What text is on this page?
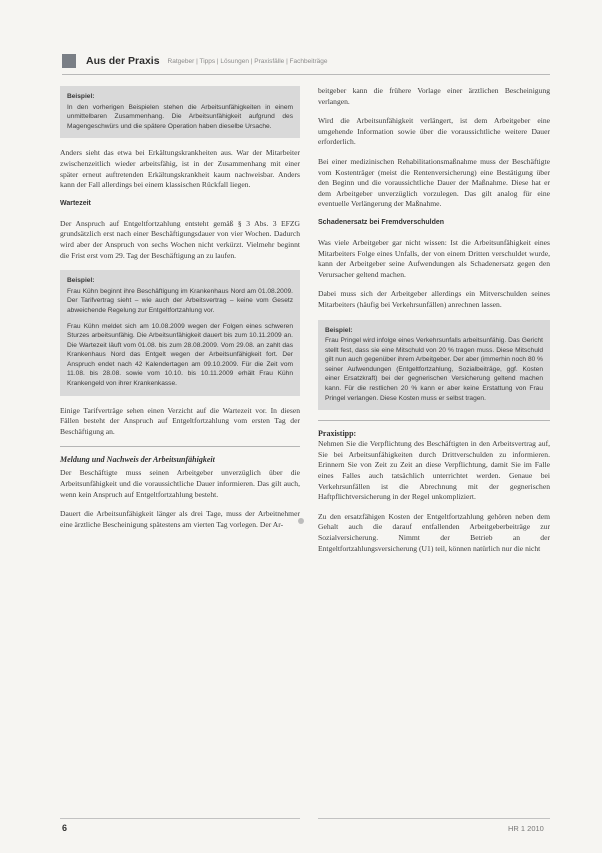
Aus der Praxis Ratgeber | Tipps | Lösungen | Praxisfälle | Fachbeiträge
Beispiel:

In den vorherigen Beispielen stehen die Arbeitsunfähigkeiten in einem unmittelbaren Zusammenhang. Die Arbeitsunfähigkeit aufgrund des Magengeschwürs und die spätere Operation haben dieselbe Ursache.

Anders sieht das etwa bei Erkältungskrankheiten aus. War der Mitarbeiter zwischenzeitlich wieder arbeitsfähig, ist in der Zusammenhang mit einer später erneut auftretenden Erkältungskrankheit kaum nachweisbar. Anders kann der Fall allerdings bei einem klassischen Rückfall liegen.

Wartezeit

Der Anspruch auf Entgeltfortzahlung entsteht gemäß § 3 Abs. 3 EFZG grundsätzlich erst nach einer Beschäftigungsdauer von vier Wochen. Dadurch wird aber der Anspruch von sechs Wochen nicht verkürzt. Vielmehr beginnt die Frist erst vom 29. Tag der Beschäftigung an zu laufen.

Beispiel:

Frau Kühn beginnt ihre Beschäftigung im Krankenhaus Nord am 01.08.2009. Der Tarifvertrag sieht – wie auch der Arbeitsvertrag – keine vom Gesetz abweichende Regelung zur Entgeltfortzahlung vor.

Frau Kühn meldet sich am 10.08.2009 wegen der Folgen eines schweren Sturzes arbeitsunfähig. Die Arbeitsunfähigkeit dauert bis zum 10.11.2009 an. Die Wartezeit läuft vom 01.08. bis zum 28.08.2009. Vom 29.08. an zahlt das Krankenhaus Nord das Entgelt wegen der Arbeitsunfähigkeit fort. Der Anspruch endet nach 42 Kalendertagen am 09.10.2009. Für die Zeit vom 11.08. bis 28.08. sowie vom 10.10. bis 10.11.2009 erhält Frau Kühn Krankengeld von ihrer Krankenkasse.

Einige Tarifverträge sehen einen Verzicht auf die Wartezeit vor. In diesen Fällen besteht der Anspruch auf Entgeltfortzahlung vom ersten Tag der Beschäftigung an.

Meldung und Nachweis der Arbeitsunfähigkeit

Der Beschäftigte muss seinen Arbeitgeber unverzüglich über die Arbeitsunfähigkeit und die voraussichtliche Dauer informieren. Das gilt auch, wenn kein Anspruch auf Entgeltfortzahlung besteht.

Dauert die Arbeitsunfähigkeit länger als drei Tage, muss der Arbeitnehmer eine ärztliche Bescheinigung spätestens am vierten Tag vorlegen. Der Ar-

beitgeber kann die frühere Vorlage einer ärztlichen Bescheinigung verlangen.

Wird die Arbeitsunfähigkeit verlängert, ist dem Arbeitgeber eine umgehende Information sowie über die voraussichtliche weitere Dauer erforderlich.

Bei einer medizinischen Rehabilitationsmaßnahme muss der Beschäftigte vom Kostenträger (meist die Rentenversicherung) eine Bestätigung über den Beginn und die voraussichtliche Dauer der Maßnahme. Diese hat er dem Arbeitgeber unverzüglich vorzulegen. Das gilt analog für eine eventuelle Verlängerung der Maßnahme.

Schadenersatz bei Fremdverschulden

Was viele Arbeitgeber gar nicht wissen: Ist die Arbeitsunfähigkeit eines Mitarbeiters Folge eines Unfalls, der von einem Dritten verschuldet wurde, kann der Arbeitgeber seine Aufwendungen als Schadenersatz gegen den Verursacher geltend machen.

Dabei muss sich der Arbeitgeber allerdings ein Mitverschulden seines Mitarbeiters (häufig bei Verkehrsunfällen) anrechnen lassen.

Beispiel:

Frau Pringel wird infolge eines Verkehrsunfalls arbeitsunfähig. Das Gericht stellt fest, dass sie eine Mitschuld von 20 % tragen muss. Diese Mitschuld gilt nun auch gegenüber ihrem Arbeitgeber. Der aber (immerhin noch 80 % seiner Aufwendungen (Entgeltfortzahlung, Sozialbeiträge, ggf. Kosten einer Ersatzkraft) bei der gegnerischen Versicherung geltend machen kann. Für die restlichen 20 % kann er aber keine Erstattung von Frau Pringel verlangen. Diese Kosten muss er selbst tragen.

Praxistipp:

Nehmen Sie die Verpflichtung des Beschäftigten in den Arbeitsvertrag auf, Sie bei Arbeitsunfähigkeiten durch Drittverschulden zu informieren. Erinnern Sie von Zeit zu Zeit an diese Verpflichtung, damit Sie im Falle eines Falles auch tatsächlich unterrichtet werden. Genaue bei Verkehrsunfällen ist die Abrechnung mit der gegnerischen Haftpflichtversicherung in der Regel unkompliziert.

Zu den ersatzfähigen Kosten der Entgeltfortzahlung gehören neben dem Gehalt auch die darauf entfallenden Arbeitgeberbeiträge zur Sozialversicherung. Nimmt der Betrieb an der Entgeltfortzahlungsversicherung (U1) teil, können natürlich nur die nicht

6	HR 1 2010
